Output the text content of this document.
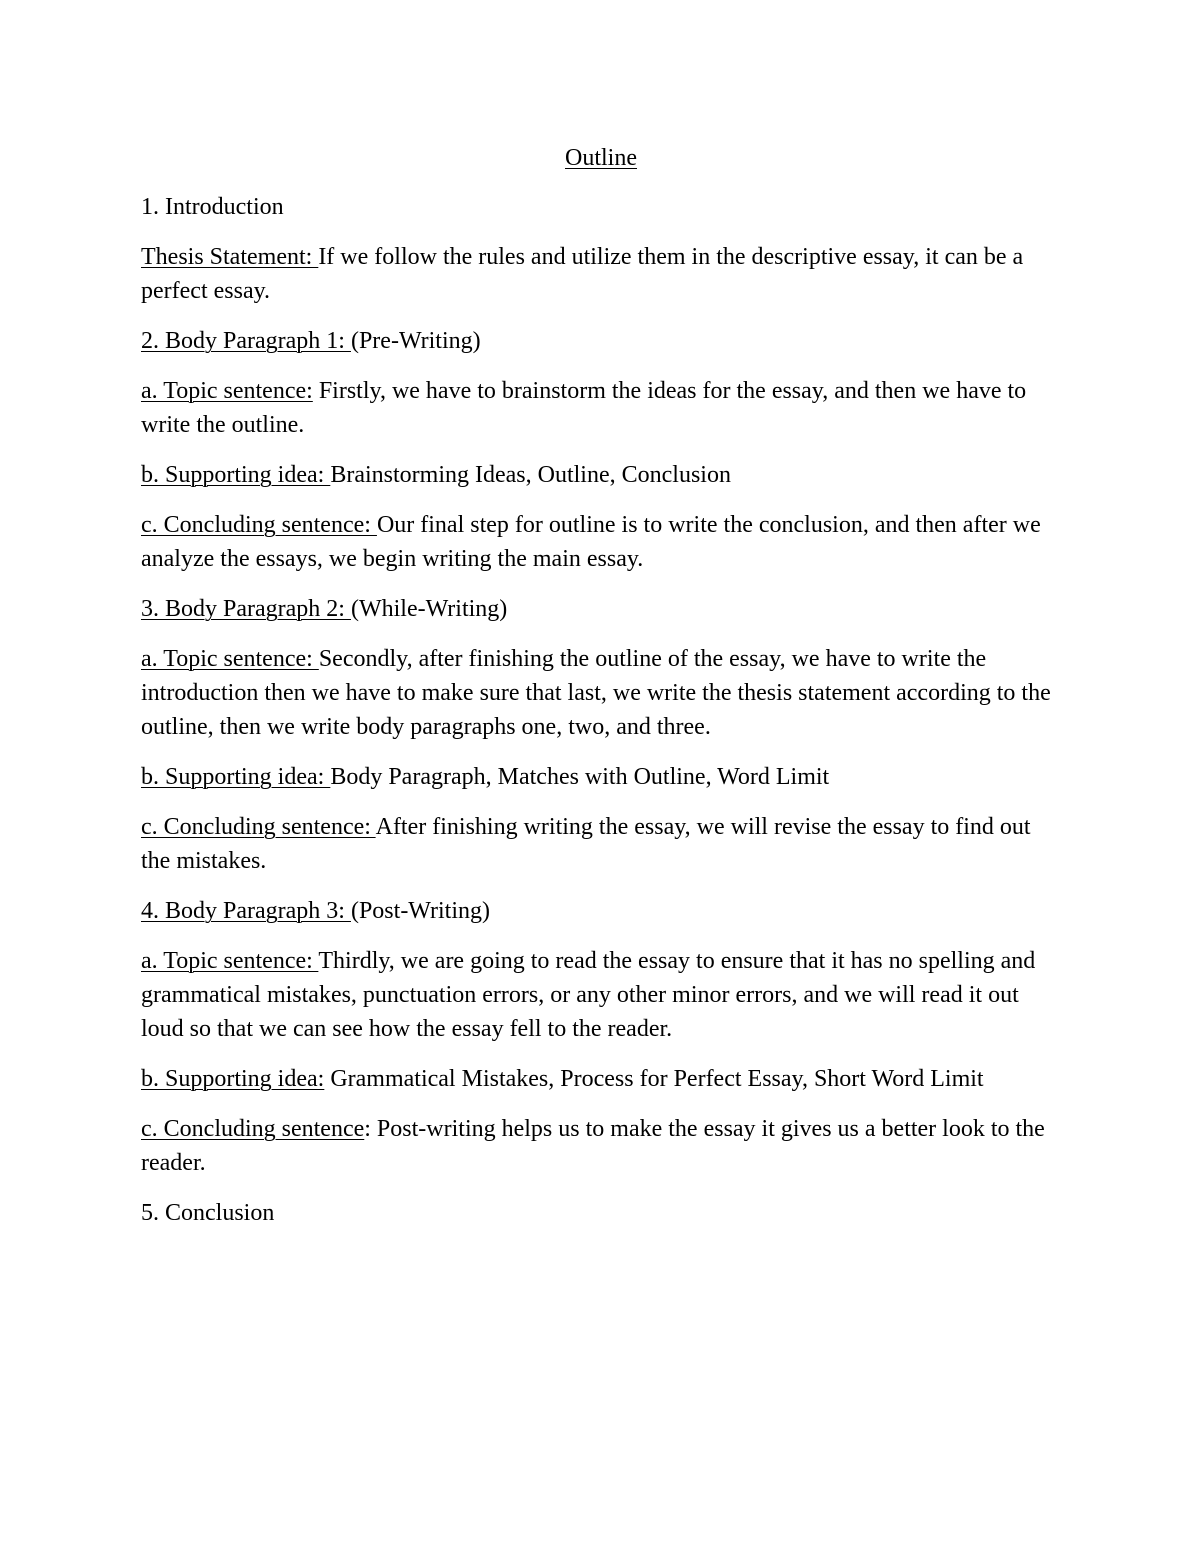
Outline

1. Introduction

Thesis Statement: If we follow the rules and utilize them in the descriptive essay, it can be a perfect essay.

2. Body Paragraph 1: (Pre-Writing)

a. Topic sentence: Firstly, we have to brainstorm the ideas for the essay, and then we have to write the outline.

b. Supporting idea: Brainstorming Ideas, Outline, Conclusion

c. Concluding sentence: Our final step for outline is to write the conclusion, and then after we analyze the essays, we begin writing the main essay.

3. Body Paragraph 2: (While-Writing)

a. Topic sentence: Secondly, after finishing the outline of the essay, we have to write the introduction then we have to make sure that last, we write the thesis statement according to the outline, then we write body paragraphs one, two, and three.

b. Supporting idea: Body Paragraph, Matches with Outline, Word Limit

c. Concluding sentence: After finishing writing the essay, we will revise the essay to find out the mistakes.

4. Body Paragraph 3: (Post-Writing)

a. Topic sentence: Thirdly, we are going to read the essay to ensure that it has no spelling and grammatical mistakes, punctuation errors, or any other minor errors, and we will read it out loud so that we can see how the essay fell to the reader.

b. Supporting idea: Grammatical Mistakes, Process for Perfect Essay, Short Word Limit

c. Concluding sentence: Post-writing helps us to make the essay it gives us a better look to the reader.

5. Conclusion
